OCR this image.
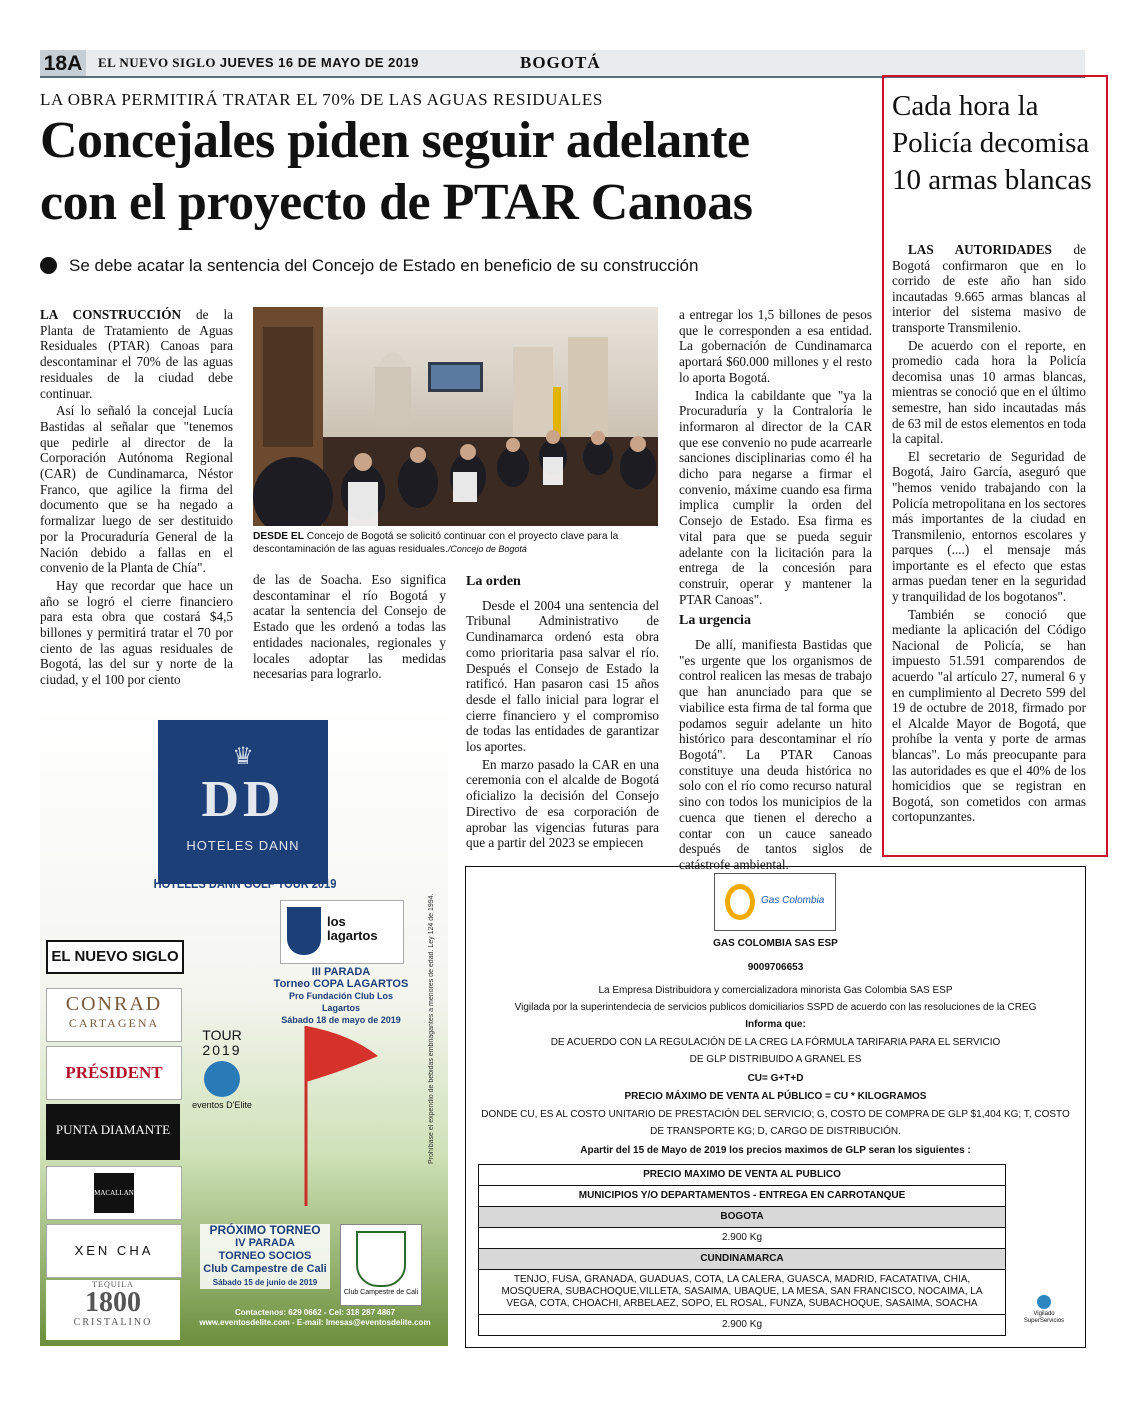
18A EL NUEVO SIGLO JUEVES 16 DE MAYO DE 2019	BOGOTÁ
LA OBRA PERMITIRÁ TRATAR EL 70% DE LAS AGUAS RESIDUALES
Concejales piden seguir adelante
con el proyecto de PTAR Canoas
Se debe acatar la sentencia del Concejo de Estado en beneficio de su construcción

LA CONSTRUCCIÓN de la Planta de Tratamiento de Aguas Residuales (PTAR) Canoas para descontaminar el 70% de las aguas residuales de la ciudad debe continuar.

Así lo señaló la concejal Lucía Bastidas al señalar que "tenemos que pedirle al director de la Corporación Autónoma Regional (CAR) de Cundinamarca, Néstor Franco, que agilice la firma del documento que se ha negado a formalizar luego de ser destituido por la Procuraduría General de la Nación debido a fallas en el convenio de la Planta de Chía".

Hay que recordar que hace un año se logró el cierre financiero para esta obra que costará $4,5 billones y permitirá tratar el 70 por ciento de las aguas residuales de Bogotá, las del sur y norte de la ciudad, y el 100 por ciento

DESDE EL Concejo de Bogotá se solicitó continuar con el proyecto clave para la descontaminación de las aguas residuales./Concejo de Bogotá

de las de Soacha. Eso significa descontaminar el río Bogotá y acatar la sentencia del Consejo de Estado que les ordenó a todas las entidades nacionales, regionales y locales adoptar las medidas necesarias para lograrlo.

La orden

Desde el 2004 una sentencia del Tribunal Administrativo de Cundinamarca ordenó esta obra como prioritaria pasa salvar el río. Después el Consejo de Estado la ratificó. Han pasaron casi 15 años desde el fallo inicial para lograr el cierre financiero y el compromiso de todas las entidades de garantizar los aportes.

En marzo pasado la CAR en una ceremonia con el alcalde de Bogotá oficializo la decisión del Consejo Directivo de esa corporación de aprobar las vigencias futuras para que a partir del 2023 se empiecen

a entregar los 1,5 billones de pesos que le corresponden a esa entidad. La gobernación de Cundinamarca aportará $60.000 millones y el resto lo aporta Bogotá.

Indica la cabildante que "ya la Procuraduría y la Contraloría le informaron al director de la CAR que ese convenio no pude acarrearle sanciones disciplinarias como él ha dicho para negarse a firmar el convenio, máxime cuando esa firma implica cumplir la orden del Consejo de Estado. Esa firma es vital para que se pueda seguir adelante con la licitación para la entrega de la concesión para construir, operar y mantener la PTAR Canoas".

La urgencia

De allí, manifiesta Bastidas que "es urgente que los organismos de control realicen las mesas de trabajo que han anunciado para que se viabilice esta firma de tal forma que podamos seguir adelante un hito histórico para descontaminar el río Bogotá". La PTAR Canoas constituye una deuda histórica no solo con el río como recurso natural sino con todos los municipios de la cuenca que tienen el derecho a contar con un cauce saneado después de tantos siglos de catástrofe ambiental.

Cada hora la Policía decomisa 10 armas blancas

LAS AUTORIDADES de Bogotá confirmaron que en lo corrido de este año han sido incautadas 9.665 armas blancas al interior del sistema masivo de transporte Transmilenio.

De acuerdo con el reporte, en promedio cada hora la Policía decomisa unas 10 armas blancas, mientras se conoció que en el último semestre, han sido incautadas más de 63 mil de estos elementos en toda la capital.

El secretario de Seguridad de Bogotá, Jairo García, aseguró que "hemos venido trabajando con la Policía metropolitana en los sectores más importantes de la ciudad en Transmilenio, entornos escolares y parques (....) el mensaje más importante es el efecto que estas armas puedan tener en la seguridad y tranquilidad de los bogotanos".

También se conoció que mediante la aplicación del Código Nacional de Policía, se han impuesto 51.591 comparendos de acuerdo "al artículo 27, numeral 6 y en cumplimiento al Decreto 599 del 19 de octubre de 2018, firmado por el Alcalde Mayor de Bogotá, que prohíbe la venta y porte de armas blancas". Lo más preocupante para las autoridades es que el 40% de los homicidios que se registran en Bogotá, son cometidos con armas cortopunzantes.

♛
DD
HOTELES DANN
HOTELES DANN GOLF TOUR 2019
EL NUEVO SIGLO
CONRAD
CARTAGENA
PRÉSIDENT
PUNTA DIAMANTE
MACALLAN
XEN CHA
TEQUILA
1800
CRISTALINO
los lagartos
III PARADA
Torneo COPA LAGARTOS
Pro Fundación Club Los Lagartos
Sábado 18 de mayo de 2019
TOUR
2019
eventos D'Elite
PRÓXIMO TORNEO
IV PARADA
TORNEO SOCIOS
Club Campestre de Cali
Sábado 15 de junio de 2019
Club Campestre de Cali
Contactenos: 629 0662 - Cel: 318 287 4867
www.eventosdelite.com - E-mail: lmesas@eventosdelite.com
Prohíbase el expendio de bebidas embriagantes a menores de edad. Ley 124 de 1994.	Gas Colombia
GAS COLOMBIA SAS ESP
9009706653
La Empresa Distribuidora y comercializadora minorista Gas Colombia SAS ESP
Vigilada por la superintendecia de servicios publicos domiciliarios SSPD de acuerdo con las resoluciones de la CREG
Informa que:
DE ACUERDO CON LA REGULACIÓN DE LA CREG LA FÓRMULA TARIFARIA PARA EL SERVICIO
DE GLP DISTRIBUIDO A GRANEL ES
CU= G+T+D
PRECIO MÁXIMO DE VENTA AL PÚBLICO = CU * KILOGRAMOS
DONDE CU, ES AL COSTO UNITARIO DE PRESTACIÓN DEL SERVICIO; G, COSTO DE COMPRA DE GLP $1,404 KG; T, COSTO
DE TRANSPORTE KG; D, CARGO DE DISTRIBUCIÓN.
Apartir del 15 de Mayo de 2019 los precios maximos de GLP seran los siguientes :
PRECIO MAXIMO DE VENTA AL PUBLICO
MUNICIPIOS Y/O DEPARTAMENTOS - ENTREGA EN CARROTANQUE
BOGOTA
2.900 Kg
CUNDINAMARCA
TENJO, FUSA, GRANADA, GUADUAS, COTA, LA CALERA, GUASCA, MADRID, FACATATIVA, CHIA, MOSQUERA, SUBACHOQUE,VILLETA, SASAIMA, UBAQUE, LA MESA, SAN FRANCISCO, NOCAIMA, LA VEGA, COTA, CHOACHI, ARBELAEZ, SOPO, EL ROSAL, FUNZA, SUBACHOQUE, SASAIMA, SOACHA
2.900 Kg
Vigilado SuperServicios
